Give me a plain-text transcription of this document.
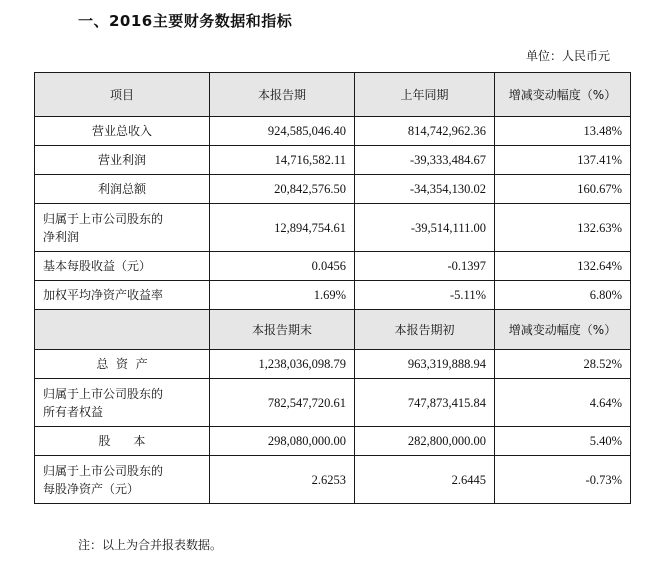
一、2016主要财务数据和指标
单位：人民币元
项目	本报告期	上年同期	增减变动幅度（%）
营业总收入	924,585,046.40	814,742,962.36	13.48%
营业利润	14,716,582.11	-39,333,484.67	137.41%
利润总额	20,842,576.50	-34,354,130.02	160.67%

归属于上市公司股东的
净利润	12,894,754.61	-39,514,111.00	132.63%
基本每股收益（元）	0.0456	-0.1397	132.64%
加权平均净资产收益率	1.69%	-5.11%	6.80%
	本报告期末	本报告期初	增减变动幅度（%）
总  资  产	1,238,036,098.79	963,319,888.94	28.52%

归属于上市公司股东的
所有者权益	782,547,720.61	747,873,415.84	4.64%
股      本	298,080,000.00	282,800,000.00	5.40%

归属于上市公司股东的
每股净资产（元）	2.6253	2.6445	-0.73%
注：以上为合并报表数据。
